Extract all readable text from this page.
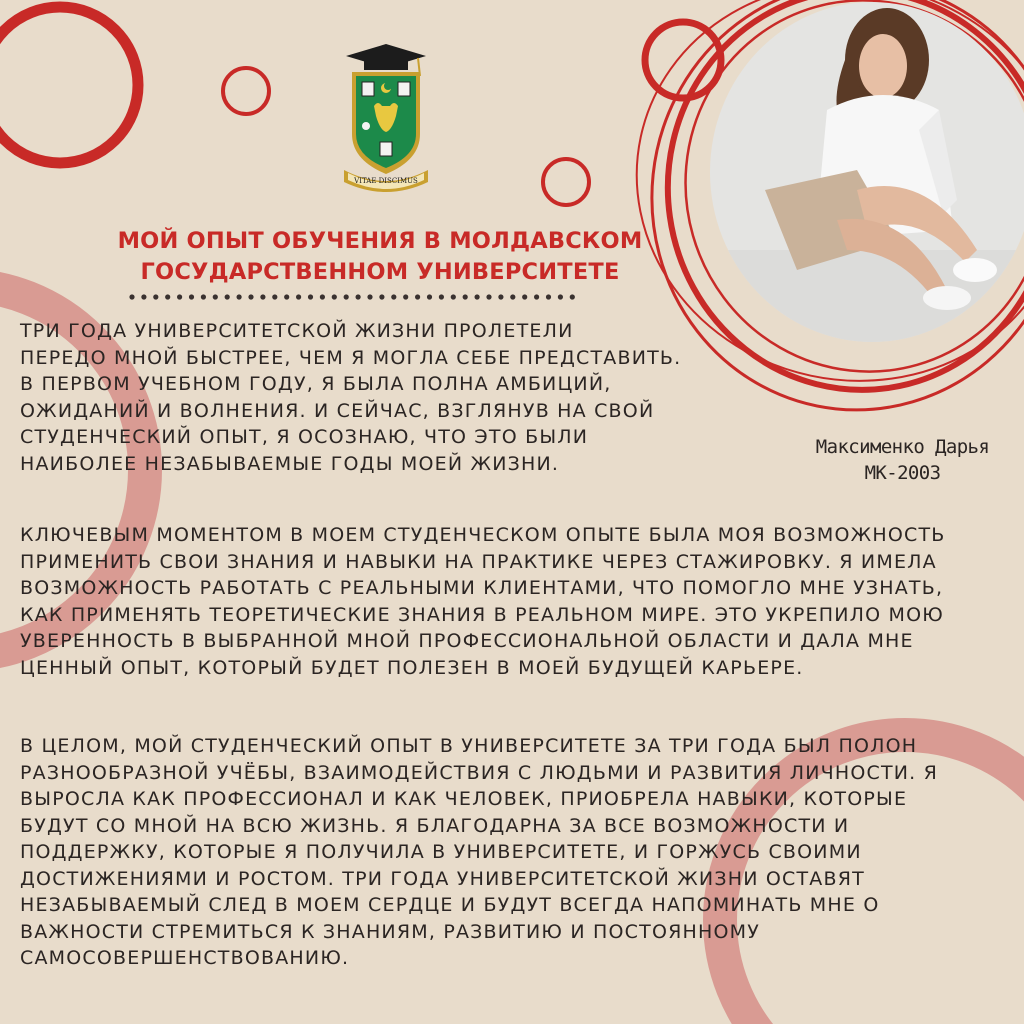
VITAE DISCIMUS
МОЙ ОПЫТ ОБУЧЕНИЯ В МОЛДАВСКОМ
ГОСУДАРСТВЕННОМ УНИВЕРСИТЕТЕ
Максименко Дарья
МК-2003
ТРИ ГОДА УНИВЕРСИТЕТСКОЙ ЖИЗНИ ПРОЛЕТЕЛИ
ПЕРЕДО МНОЙ БЫСТРЕЕ, ЧЕМ Я МОГЛА СЕБЕ ПРЕДСТАВИТЬ.
В ПЕРВОМ УЧЕБНОМ ГОДУ, Я БЫЛА ПОЛНА АМБИЦИЙ,
ОЖИДАНИЙ И ВОЛНЕНИЯ. И СЕЙЧАС, ВЗГЛЯНУВ НА СВОЙ
СТУДЕНЧЕСКИЙ ОПЫТ, Я ОСОЗНАЮ, ЧТО ЭТО БЫЛИ
НАИБОЛЕЕ НЕЗАБЫВАЕМЫЕ ГОДЫ МОЕЙ ЖИЗНИ.
КЛЮЧЕВЫМ МОМЕНТОМ В МОЕМ СТУДЕНЧЕСКОМ ОПЫТЕ БЫЛА МОЯ ВОЗМОЖНОСТЬ
ПРИМЕНИТЬ СВОИ ЗНАНИЯ И НАВЫКИ НА ПРАКТИКЕ ЧЕРЕЗ СТАЖИРОВКУ. Я ИМЕЛА
ВОЗМОЖНОСТЬ РАБОТАТЬ С РЕАЛЬНЫМИ КЛИЕНТАМИ, ЧТО ПОМОГЛО МНЕ УЗНАТЬ,
КАК ПРИМЕНЯТЬ ТЕОРЕТИЧЕСКИЕ ЗНАНИЯ В РЕАЛЬНОМ МИРЕ. ЭТО УКРЕПИЛО МОЮ
УВЕРЕННОСТЬ В ВЫБРАННОЙ МНОЙ ПРОФЕССИОНАЛЬНОЙ ОБЛАСТИ И ДАЛА МНЕ
ЦЕННЫЙ ОПЫТ, КОТОРЫЙ БУДЕТ ПОЛЕЗЕН В МОЕЙ БУДУЩЕЙ КАРЬЕРЕ.
В ЦЕЛОМ, МОЙ СТУДЕНЧЕСКИЙ ОПЫТ В УНИВЕРСИТЕТЕ ЗА ТРИ ГОДА БЫЛ ПОЛОН
РАЗНООБРАЗНОЙ УЧЁБЫ, ВЗАИМОДЕЙСТВИЯ С ЛЮДЬМИ И РАЗВИТИЯ ЛИЧНОСТИ. Я
ВЫРОСЛА КАК ПРОФЕССИОНАЛ И КАК ЧЕЛОВЕК, ПРИОБРЕЛА НАВЫКИ, КОТОРЫЕ
БУДУТ СО МНОЙ НА ВСЮ ЖИЗНЬ. Я БЛАГОДАРНА ЗА ВСЕ ВОЗМОЖНОСТИ И
ПОДДЕРЖКУ, КОТОРЫЕ Я ПОЛУЧИЛА В УНИВЕРСИТЕТЕ, И ГОРЖУСЬ СВОИМИ
ДОСТИЖЕНИЯМИ И РОСТОМ. ТРИ ГОДА УНИВЕРСИТЕТСКОЙ ЖИЗНИ ОСТАВЯТ
НЕЗАБЫВАЕМЫЙ СЛЕД В МОЕМ СЕРДЦЕ И БУДУТ ВСЕГДА НАПОМИНАТЬ МНЕ О
ВАЖНОСТИ СТРЕМИТЬСЯ К ЗНАНИЯМ, РАЗВИТИЮ И ПОСТОЯННОМУ
САМОСОВЕРШЕНСТВОВАНИЮ.
